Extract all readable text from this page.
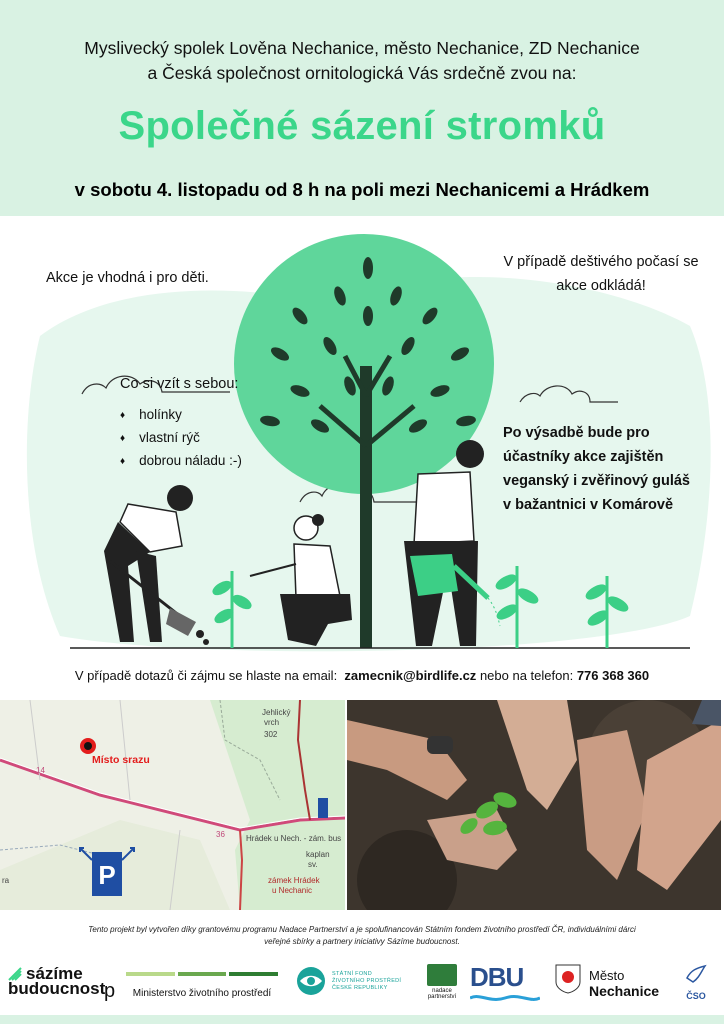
Myslivecký spolek Lověna Nechanice, město Nechanice, ZD Nechanice
a Česká společnost ornitologická Vás srdečně zvou na:
Společné sázení stromků
v sobotu 4. listopadu od 8 h na poli mezi Nechanicemi a Hrádkem
Akce je vhodná i pro děti.
V případě deštivého počasí se
akce odkládá!
Co si vzít s sebou:
♦ holínky
♦ vlastní rýč
♦ dobrou náladu :-)
Po výsadbě bude pro
účastníky akce zajištěn
veganský i zvěřinový guláš
v bažantnici v Komárově
V případě dotazů či zájmu se hlaste na email: zamecnik@birdlife.cz nebo na telefon: 776 368 360
P
Místo srazu
Jehlický
vrch
302
Hrádek u Nech. - zám. bus
kaplan
sv.
zámek Hrádek
u Nechanic
36
14
ra
Tento projekt byl vytvořen díky grantovému programu Nadace Partnerství a je spolufinancován Státním fondem životního prostředí ČR, individuálními dárci
veřejné sbírky a partnery iniciativy Sázíme budoucnost.
sázíme
budoucnost
p	Ministerstvo životního prostředí
STÁTNÍ FOND
ŽIVOTNÍHO PROSTŘEDÍ
ČESKÉ REPUBLIKY
nadace partnerství
DBU	Město
Nechanice	ČSO
